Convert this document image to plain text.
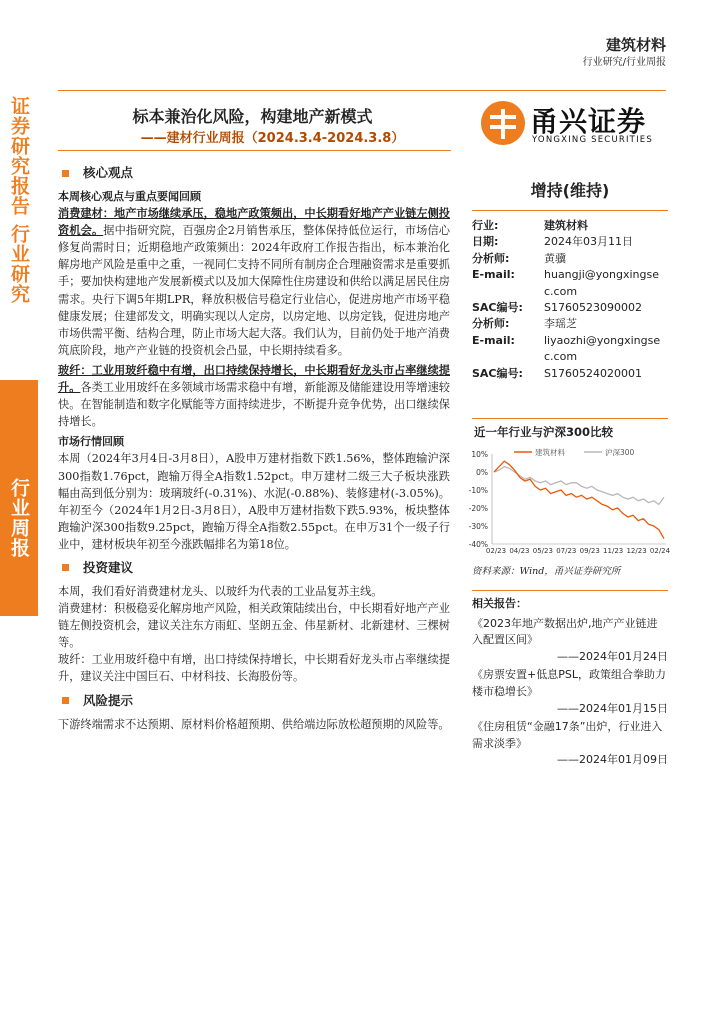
证券研究报告 行业研究
行业周报
建筑材料
行业研究/行业周报
标本兼治化风险，构建地产新模式
——建材行业周报（2024.3.4-2024.3.8）
甬兴证券
YONGXING SECURITIES
核心观点
本周核心观点与重点要闻回顾

消费建材：地产市场继续承压，稳地产政策频出，中长期看好地产产业链左侧投资机会。据中指研究院，百强房企2月销售承压，整体保持低位运行，市场信心修复尚需时日；近期稳地产政策频出：2024年政府工作报告指出，标本兼治化解房地产风险是重中之重，一视同仁支持不同所有制房企合理融资需求是重要抓手；要加快构建地产发展新模式以及加大保障性住房建设和供给以满足居民住房需求。央行下调5年期LPR，释放积极信号稳定行业信心，促进房地产市场平稳健康发展；住建部发文，明确实现以人定房，以房定地、以房定钱，促进房地产市场供需平衡、结构合理，防止市场大起大落。我们认为，目前仍处于地产消费筑底阶段，地产产业链的投资机会凸显，中长期持续看多。

玻纤：工业用玻纤稳中有增，出口持续保持增长，中长期看好龙头市占率继续提升。各类工业用玻纤在多领域市场需求稳中有增，新能源及储能建设用等增速较快。在智能制造和数字化赋能等方面持续进步，不断提升竞争优势，出口继续保持增长。

市场行情回顾

本周（2024年3月4日-3月8日），A股申万建材指数下跌1.56%，整体跑输沪深300指数1.76pct，跑输万得全A指数1.52pct。申万建材二级三大子板块涨跌幅由高到低分别为：玻璃玻纤(-0.31%)、水泥(-0.88%)、装修建材(-3.05%)。年初至今（2024年1月2日-3月8日），A股申万建材指数下跌5.93%，板块整体跑输沪深300指数9.25pct，跑输万得全A指数2.55pct。在申万31个一级子行业中，建材板块年初至今涨跌幅排名为第18位。

投资建议

本周，我们看好消费建材龙头、以玻纤为代表的工业品复苏主线。

消费建材：积极稳妥化解房地产风险，相关政策陆续出台，中长期看好地产产业链左侧投资机会，建议关注东方雨虹、坚朗五金、伟星新材、北新建材、三棵树等。

玻纤：工业用玻纤稳中有增，出口持续保持增长，中长期看好龙头市占率继续提升，建议关注中国巨石、中材科技、长海股份等。

风险提示

下游终端需求不达预期、原材料价格超预期、供给端边际放松超预期的风险等。

增持(维持)
行业:	建筑材料
日期:	2024年03月11日
分析师:	黄骥
E-mail:	huangji@yongxingsec.com
SAC编号:	S1760523090002
分析师:	李瑶芝
E-mail:	liyaozhi@yongxingsec.com
SAC编号:	S1760524020001
近一年行业与沪深300比较
10%
0%
-10%
-20%
-30%
-40%
02/23 04/23 05/23 07/23 09/23 11/23 12/23 02/24
建筑材料	沪深300
资料来源：Wind，甬兴证券研究所
相关报告：
《2023年地产数据出炉,地产产业链进入配置区间》
——2024年01月24日
《房票安置+低息PSL，政策组合拳助力楼市稳增长》
——2024年01月15日
《住房租赁“金融17条”出炉，行业进入需求淡季》
——2024年01月09日
